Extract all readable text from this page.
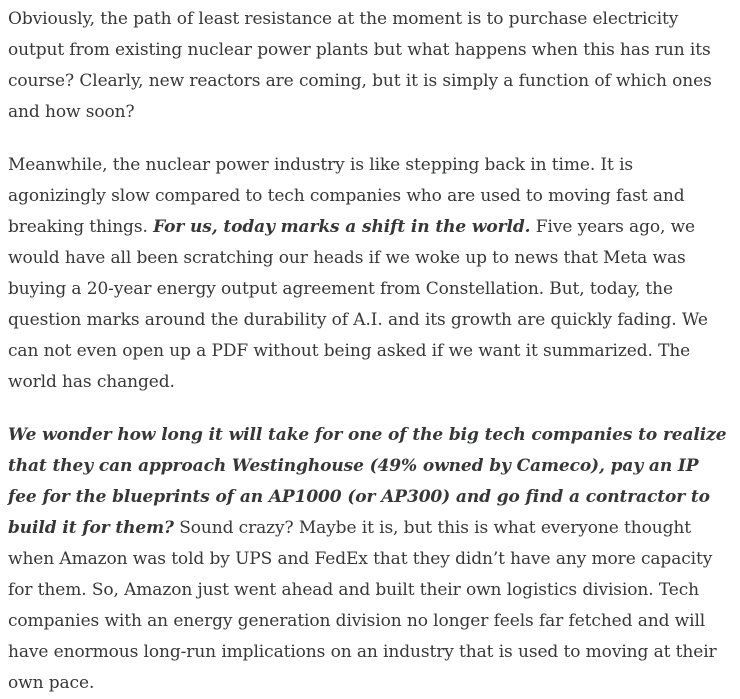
Obviously, the path of least resistance at the moment is to purchase electricity output from existing nuclear power plants but what happens when this has run its course? Clearly, new reactors are coming, but it is simply a function of which ones and how soon?

Meanwhile, the nuclear power industry is like stepping back in time. It is agonizingly slow compared to tech companies who are used to moving fast and breaking things. For us, today marks a shift in the world. Five years ago, we would have all been scratching our heads if we woke up to news that Meta was buying a 20-year energy output agreement from Constellation. But, today, the question marks around the durability of A.I. and its growth are quickly fading. We can not even open up a PDF without being asked if we want it summarized. The world has changed.

We wonder how long it will take for one of the big tech companies to realize that they can approach Westinghouse (49% owned by Cameco), pay an IP fee for the blueprints of an AP1000 (or AP300) and go find a contractor to build it for them? Sound crazy? Maybe it is, but this is what everyone thought when Amazon was told by UPS and FedEx that they didn’t have any more capacity for them. So, Amazon just went ahead and built their own logistics division. Tech companies with an energy generation division no longer feels far fetched and will have enormous long-run implications on an industry that is used to moving at their own pace.
